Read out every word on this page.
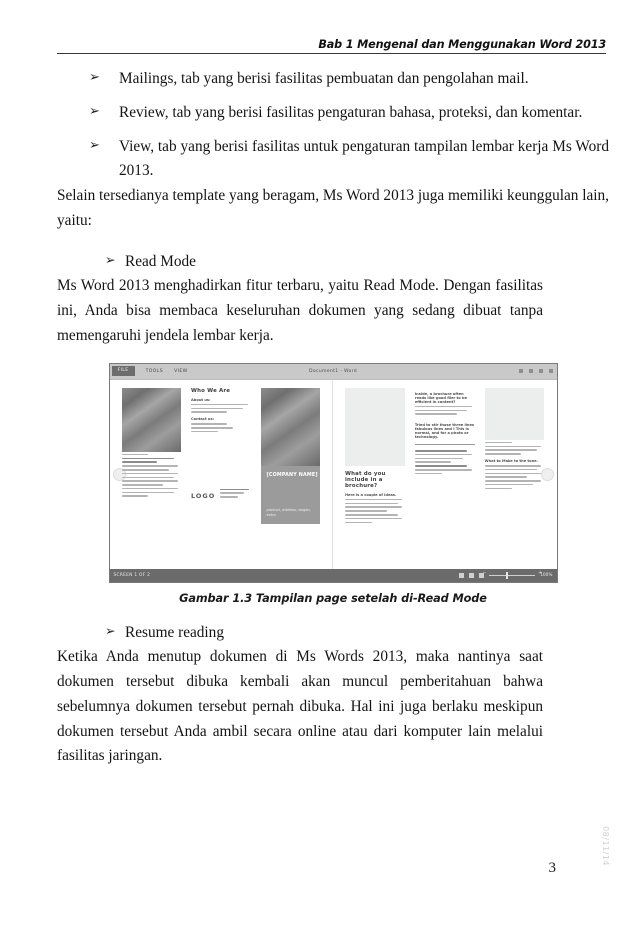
Bab 1 Mengenal dan Menggunakan Word 2013
➢	Mailings, tab yang berisi fasilitas pembuatan dan pengolahan mail.

➢	Review, tab yang berisi fasilitas pengaturan bahasa, proteksi, dan komentar.

➢	View, tab yang berisi fasilitas untuk pengaturan tampilan lembar kerja Ms Word 2013.

Selain tersedianya template yang beragam, Ms Word 2013 juga memiliki keunggulan lain, yaitu:

➢ Read Mode

Ms Word 2013 menghadirkan fitur terbaru, yaitu Read Mode. Dengan fasilitas ini, Anda bisa membaca keseluruhan dokumen yang sedang dibuat tanpa memengaruhi jendela lembar kerja.

FILE	TOOLS VIEW	Document1 - Word
Who We Are
About us:
Contact us:
LOGO
[COMPANY NAME]
product, address, slogan, extra
What do you include in a brochure?
Here is a couple of ideas.
Inside, a brochure often reads like good flier to be efficient in content?
Tried to stir those three lines fabulous lines and I This is normal, and for a photo or technology.
What to Make to the tone.
SCREEN 1 OF 2	−	+
100%
Gambar 1.3 Tampilan page setelah di-Read Mode
➢ Resume reading

Ketika Anda menutup dokumen di Ms Words 2013, maka nantinya saat dokumen tersebut dibuka kembali akan muncul pemberitahuan bahwa sebelumnya dokumen tersebut pernah dibuka. Hal ini juga berlaku meskipun dokumen tersebut Anda ambil secara online atau dari komputer lain melalui fasilitas jaringan.

3
08/11/14
